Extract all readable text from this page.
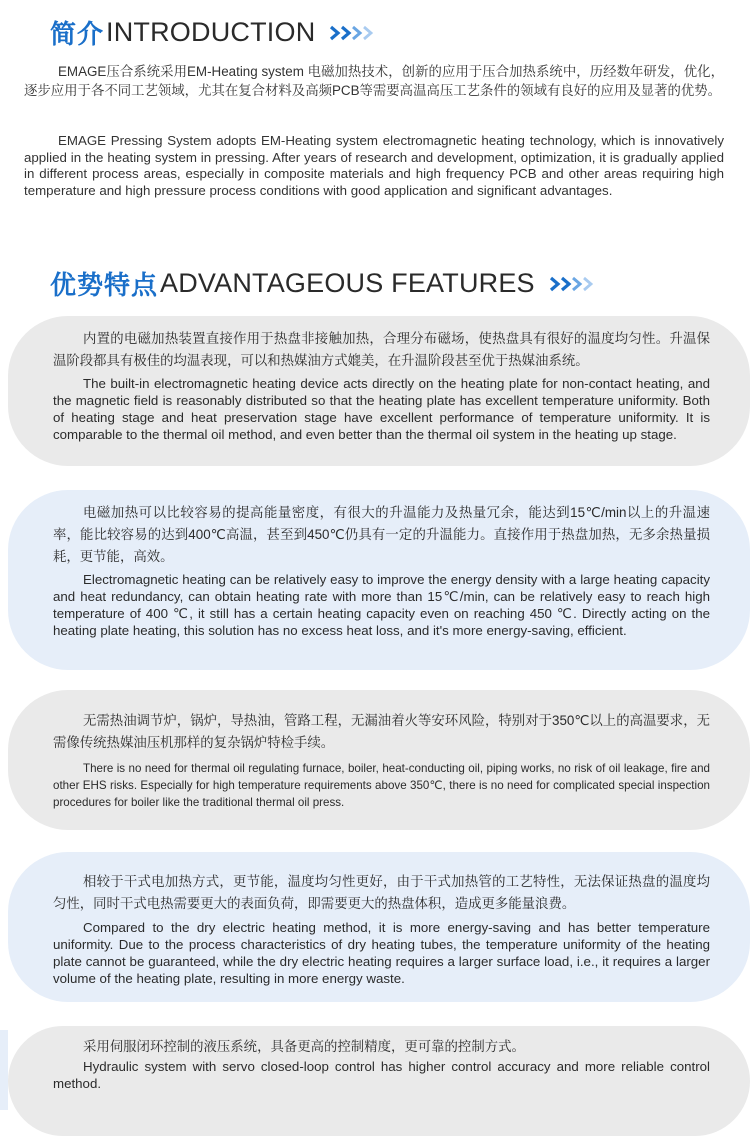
简介 INTRODUCTION

EMAGE压合系统采用EM-Heating system 电磁加热技术，创新的应用于压合加热系统中，历经数年研发，优化，逐步应用于各不同工艺领域，尤其在复合材料及高频PCB等需要高温高压工艺条件的领域有良好的应用及显著的优势。

EMAGE Pressing System adopts EM-Heating system electromagnetic heating technology, which is innovatively applied in the heating system in pressing. After years of research and development, optimization, it is gradually applied in different process areas, especially in composite materials and high frequency PCB and other areas requiring high temperature and high pressure process conditions with good application and significant advantages.

优势特点 ADVANTAGEOUS FEATURES

内置的电磁加热装置直接作用于热盘非接触加热，合理分布磁场，使热盘具有很好的温度均匀性。升温保温阶段都具有极佳的均温表现，可以和热媒油方式媲美，在升温阶段甚至优于热媒油系统。

The built-in electromagnetic heating device acts directly on the heating plate for non-contact heating, and the magnetic field is reasonably distributed so that the heating plate has excellent temperature uniformity. Both of heating stage and heat preservation stage have excellent performance of temperature uniformity. It is comparable to the thermal oil method, and even better than the thermal oil system in the heating up stage.

电磁加热可以比较容易的提高能量密度，有很大的升温能力及热量冗余，能达到15℃/min以上的升温速率，能比较容易的达到400℃高温，甚至到450℃仍具有一定的升温能力。直接作用于热盘加热，无多余热量损耗，更节能，高效。

Electromagnetic heating can be relatively easy to improve the energy density with a large heating capacity and heat redundancy, can obtain heating rate with more than 15℃/min, can be relatively easy to reach high temperature of 400 ℃, it still has a certain heating capacity even on reaching 450 ℃. Directly acting on the heating plate heating, this solution has no excess heat loss, and it's more energy-saving, efficient.

无需热油调节炉，锅炉，导热油，管路工程，无漏油着火等安环风险，特别对于350℃以上的高温要求，无需像传统热媒油压机那样的复杂锅炉特检手续。

There is no need for thermal oil regulating furnace, boiler, heat-conducting oil, piping works, no risk of oil leakage, fire and other EHS risks. Especially for high temperature requirements above 350℃, there is no need for complicated special inspection procedures for boiler like the traditional thermal oil press.

相较于干式电加热方式，更节能，温度均匀性更好，由于干式加热管的工艺特性，无法保证热盘的温度均匀性，同时干式电热需要更大的表面负荷，即需要更大的热盘体积，造成更多能量浪费。

Compared to the dry electric heating method, it is more energy-saving and has better temperature uniformity. Due to the process characteristics of dry heating tubes, the temperature uniformity of the heating plate cannot be guaranteed, while the dry electric heating requires a larger surface load, i.e., it requires a larger volume of the heating plate, resulting in more energy waste.

采用伺服闭环控制的液压系统，具备更高的控制精度，更可靠的控制方式。

Hydraulic system with servo closed-loop control has higher control accuracy and more reliable control method.
